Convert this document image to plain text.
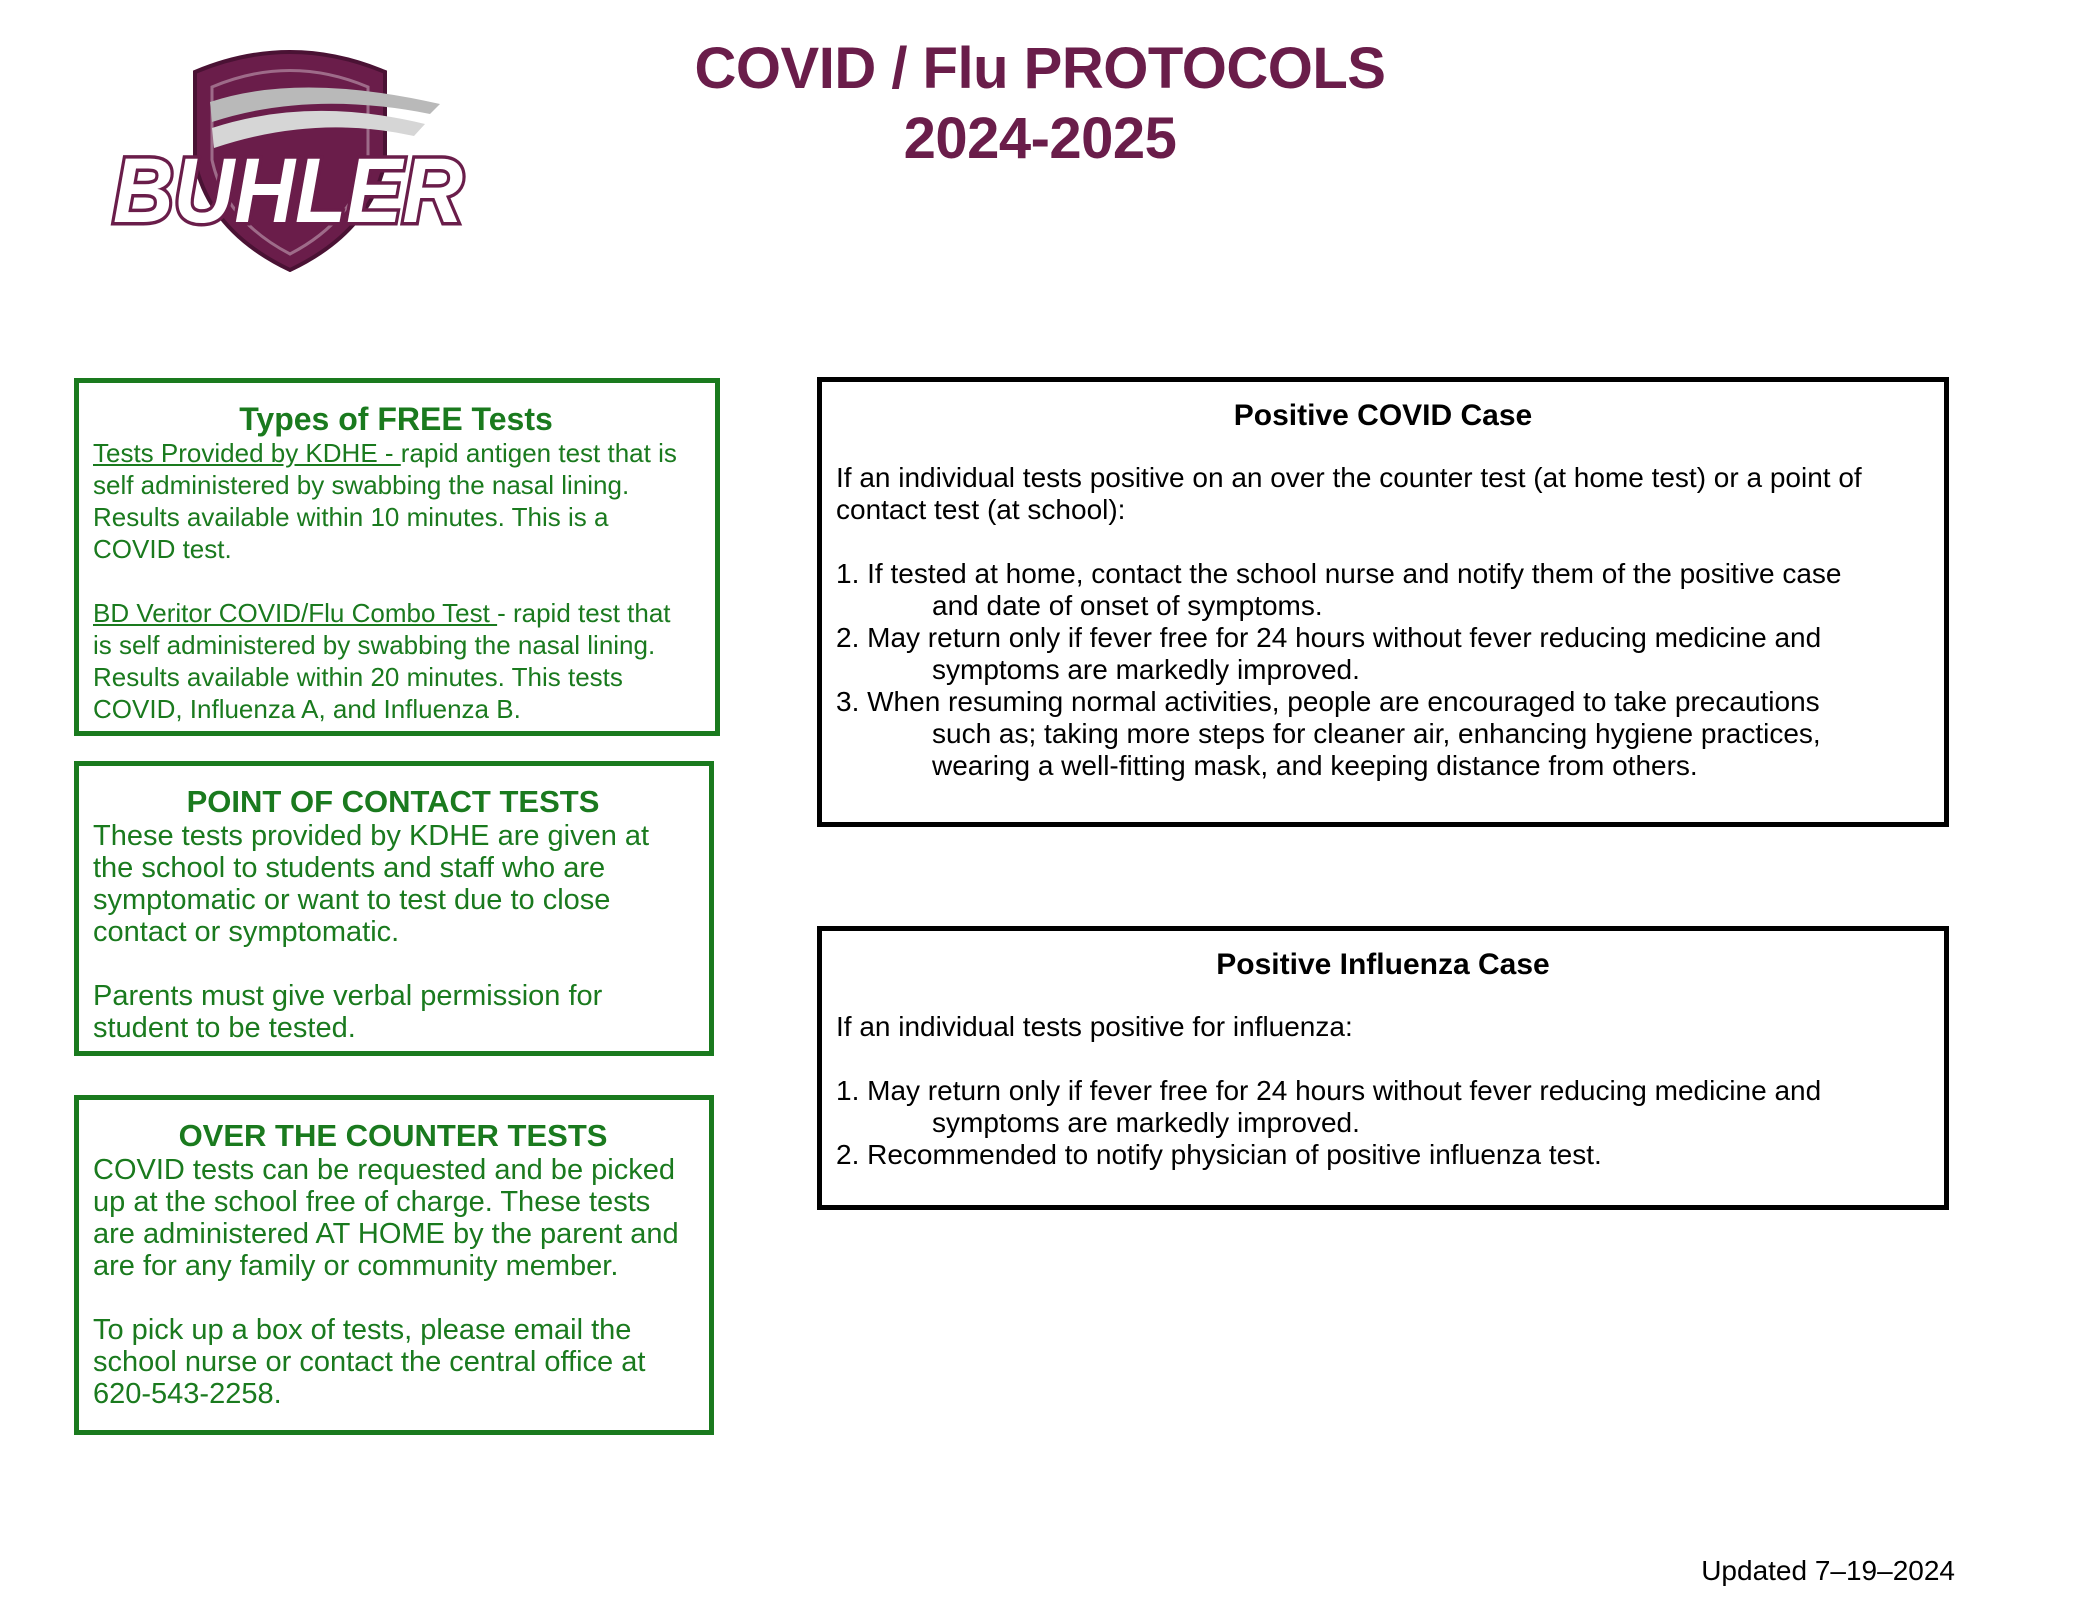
BUHLER
COVID / Flu PROTOCOLS
2024-2025
Types of FREE Tests
Tests Provided by KDHE - rapid antigen test that is
self administered by swabbing the nasal lining.
Results available within 10 minutes. This is a
COVID test.
BD Veritor COVID/Flu Combo Test - rapid test that
is self administered by swabbing the nasal lining.
Results available within 20 minutes. This tests
COVID, Influenza A, and Influenza B.
POINT OF CONTACT TESTS
These tests provided by KDHE are given at
the school to students and staff who are
symptomatic or want to test due to close
contact or symptomatic.
Parents must give verbal permission for
student to be tested.
OVER THE COUNTER TESTS
COVID tests can be requested and be picked
up at the school free of charge. These tests
are administered AT HOME by the parent and
are for any family or community member.
To pick up a box of tests, please email the
school nurse or contact the central office at
620-543-2258.
Positive COVID Case
If an individual tests positive on an over the counter test (at home test) or a point of
contact test (at school):
1. If tested at home, contact the school nurse and notify them of the positive case
and date of onset of symptoms.
2. May return only if fever free for 24 hours without fever reducing medicine and
symptoms are markedly improved.
3. When resuming normal activities, people are encouraged to take precautions
such as; taking more steps for cleaner air, enhancing hygiene practices,
wearing a well-fitting mask, and keeping distance from others.
Positive Influenza Case
If an individual tests positive for influenza:
1. May return only if fever free for 24 hours without fever reducing medicine and
symptoms are markedly improved.
2. Recommended to notify physician of positive influenza test.
Updated 7–19–2024
